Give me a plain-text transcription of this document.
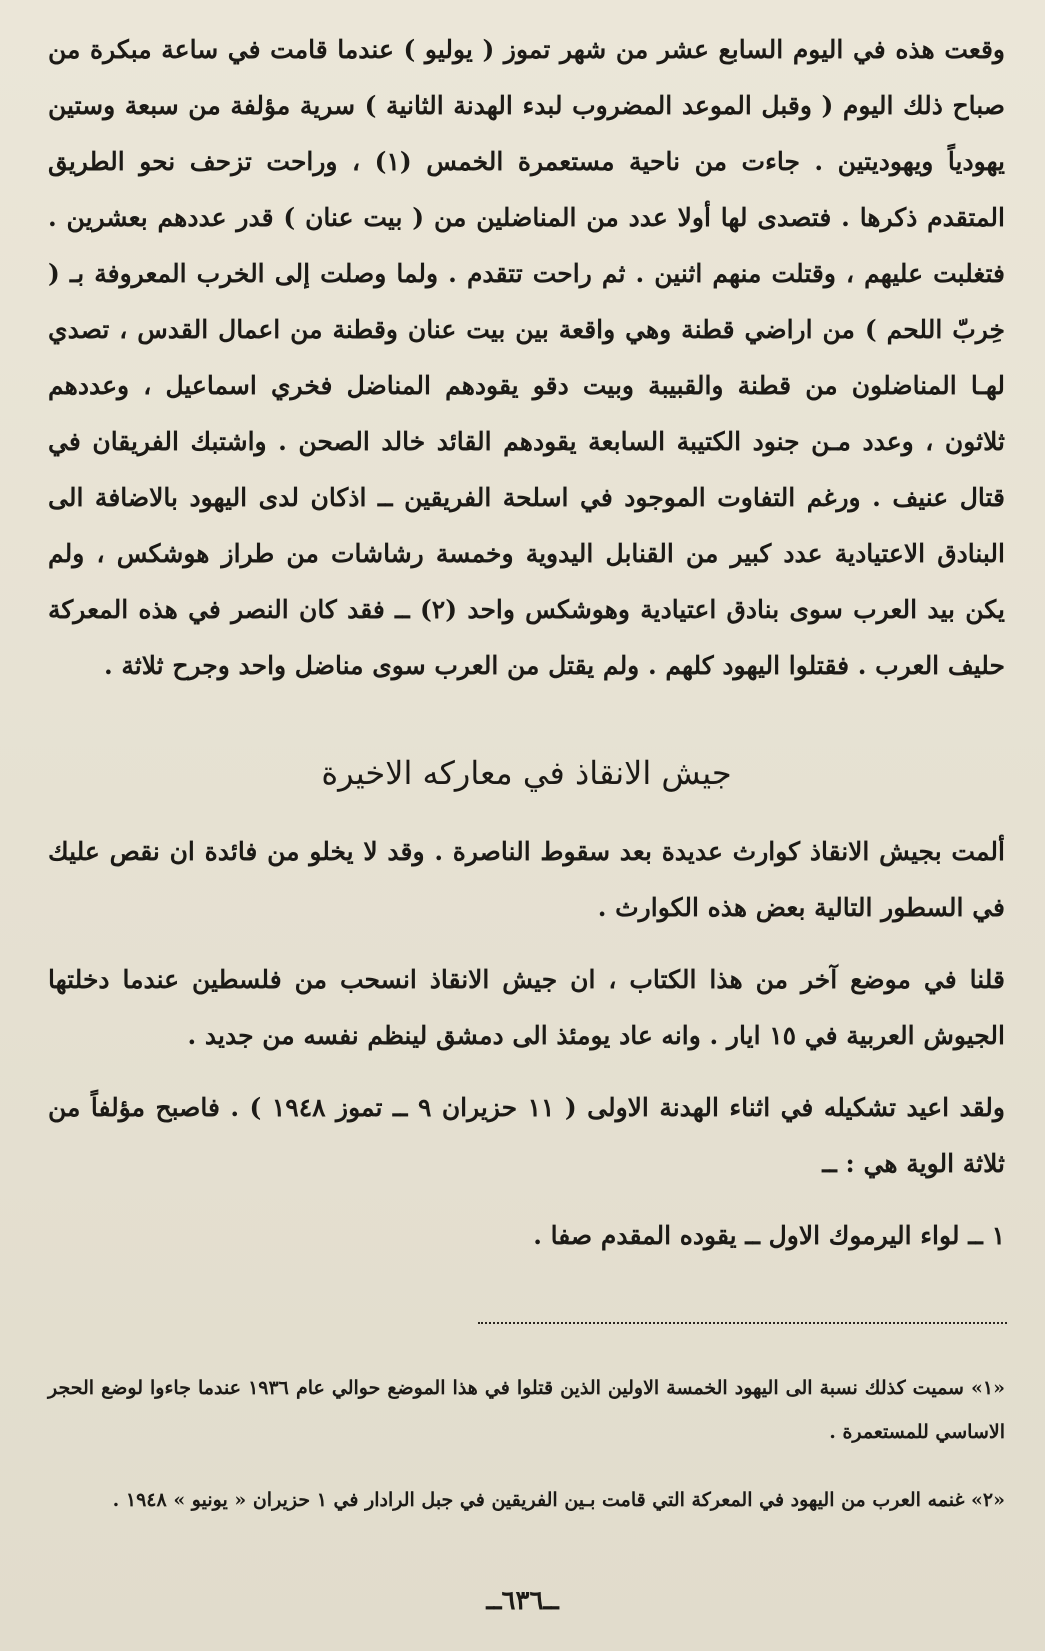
وقعت هذه في اليوم السابع عشر من شهر تموز ( يوليو ) عندما قامت في ساعة مبكرة من صباح ذلك اليوم ( وقبل الموعد المضروب لبدء الهدنة الثانية ) سرية مؤلفة من سبعة وستين يهودياً ويهوديتين . جاءت من ناحية مستعمرة الخمس (١) ، وراحت تزحف نحو الطريق المتقدم ذكرها . فتصدى لها أولا عدد من المناضلين من ( بيت عنان ) قدر عددهم بعشرين . فتغلبت عليهم ، وقتلت منهم اثنين . ثم راحت تتقدم . ولما وصلت إلى الخرب المعروفة بـ ( خِربّ اللحم ) من اراضي قطنة وهي واقعة بين بيت عنان وقطنة من اعمال القدس ، تصدي لهـا المناضلون من قطنة والقبيبة وبيت دقو يقودهم المناضل فخري اسماعيل ، وعددهم ثلاثون ، وعدد مـن جنود الكتيبة السابعة يقودهم القائد خالد الصحن . واشتبك الفريقان في قتال عنيف . ورغم التفاوت الموجود في اسلحة الفريقين ــ اذكان لدى اليهود بالاضافة الى البنادق الاعتيادية عدد كبير من القنابل اليدوية وخمسة رشاشات من طراز هوشكس ، ولم يكن بيد العرب سوى بنادق اعتيادية وهوشكس واحد (٢) ــ فقد كان النصر في هذه المعركة حليف العرب . فقتلوا اليهود كلهم . ولم يقتل من العرب سوى مناضل واحد وجرح ثلاثة .

جيش الانقاذ في معاركه الاخيرة

ألمت بجيش الانقاذ كوارث عديدة بعد سقوط الناصرة . وقد لا يخلو من فائدة ان نقص عليك في السطور التالية بعض هذه الكوارث .

قلنا في موضع آخر من هذا الكتاب ، ان جيش الانقاذ انسحب من فلسطين عندما دخلتها الجيوش العربية في ١٥ ايار . وانه عاد يومئذ الى دمشق لينظم نفسه من جديد .

ولقد اعيد تشكيله في اثناء الهدنة الاولى ( ١١ حزيران ٩ ــ تموز ١٩٤٨ ) . فاصبح مؤلفاً من ثلاثة الوية هي : ــ

١ ــ لواء اليرموك الاول ــ يقوده المقدم صفا .

«١» سميت كذلك نسبة الى اليهود الخمسة الاولين الذين قتلوا في هذا الموضع حوالي عام ١٩٣٦ عندما جاءوا لوضع الحجر الاساسي للمستعمرة .

«٢» غنمه العرب من اليهود في المعركة التي قامت بـين الفريقين في جبل الرادار في ١ حزيران « يونيو » ١٩٤٨ .

ــ٦٣٦ــ
